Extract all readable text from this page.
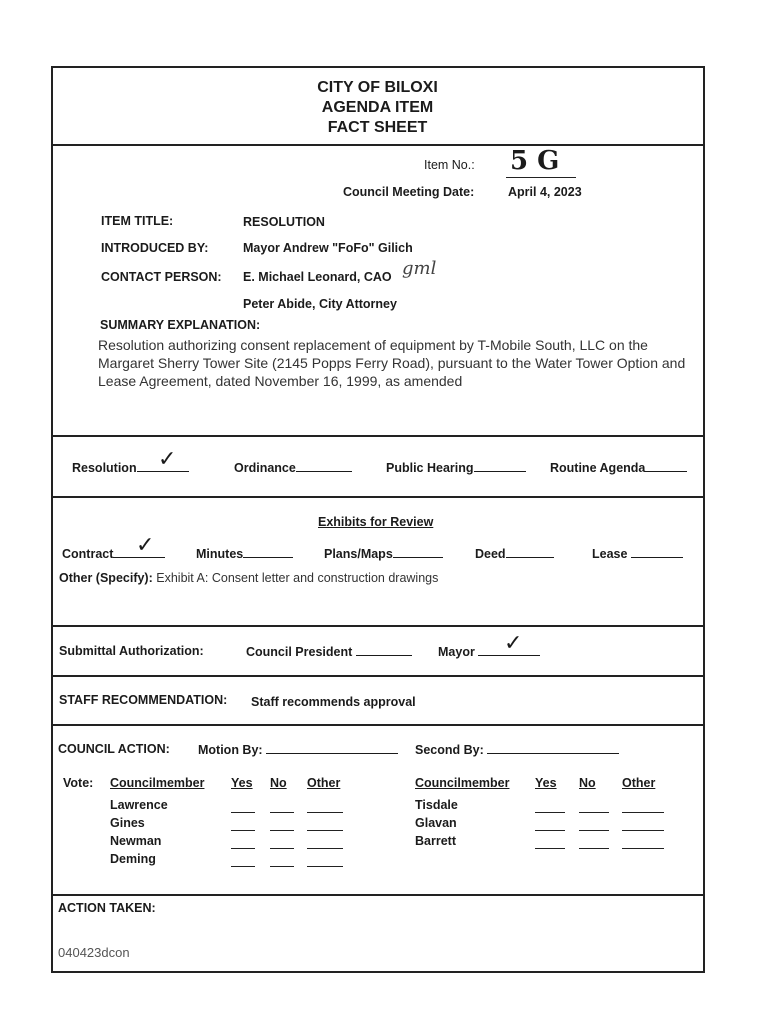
CITY OF BILOXI
AGENDA ITEM
FACT SHEET
Item No.: 5 G
Council Meeting Date:	April 4, 2023
ITEM TITLE:	RESOLUTION
INTRODUCED BY:	Mayor Andrew "FoFo" Gilich
CONTACT PERSON: E. Michael Leonard, CAO gml
Peter Abide, City Attorney
SUMMARY EXPLANATION:
Resolution authorizing consent replacement of equipment by T-Mobile South, LLC on the Margaret Sherry Tower Site (2145 Popps Ferry Road), pursuant to the Water Tower Option and Lease Agreement, dated November 16, 1999, as amended
Resolution ✓	Ordinance	Public Hearing	Routine Agenda
Exhibits for Review
Contract	✓	Minutes	Plans/Maps	Deed	Lease
Other (Specify): Exhibit A: Consent letter and construction drawings
Submittal Authorization:	Council President	Mayor	✓
STAFF RECOMMENDATION: Staff recommends approval
COUNCIL ACTION: Motion By:	Second By:
Vote: Councilmember Yes No Other
Lawrence
Gines
Newman
Deming
Councilmember Yes No Other
Tisdale
Glavan
Barrett
ACTION TAKEN:
040423dcon
